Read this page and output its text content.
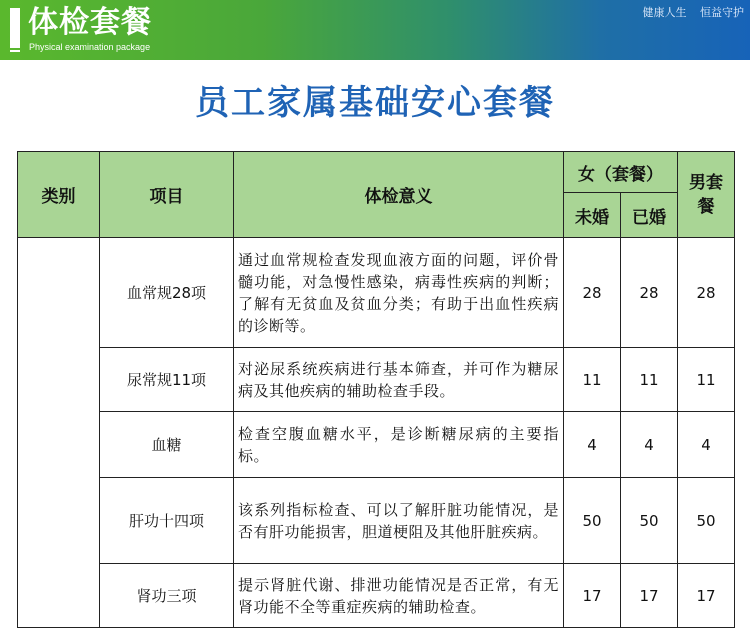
体检套餐
Physical examination package
健康人生 恒益守护
员工家属基础安心套餐
类别	项目	体检意义	女（套餐）		男套餐
			未婚	已婚	
	血常规28项	通过血常规检查发现血液方面的问题，评价骨髓功能，对急慢性感染，病毒性疾病的判断；了解有无贫血及贫血分类；有助于出血性疾病的诊断等。	28	28	28
	尿常规11项	对泌尿系统疾病进行基本筛查，并可作为糖尿病及其他疾病的辅助检查手段。	11	11	11
	血糖	检查空腹血糖水平，是诊断糖尿病的主要指标。	4	4	4
	肝功十四项	该系列指标检查、可以了解肝脏功能情况，是否有肝功能损害，胆道梗阻及其他肝脏疾病。	50	50	50
	肾功三项	提示肾脏代谢、排泄功能情况是否正常，有无肾功能不全等重症疾病的辅助检查。	17	17	17
